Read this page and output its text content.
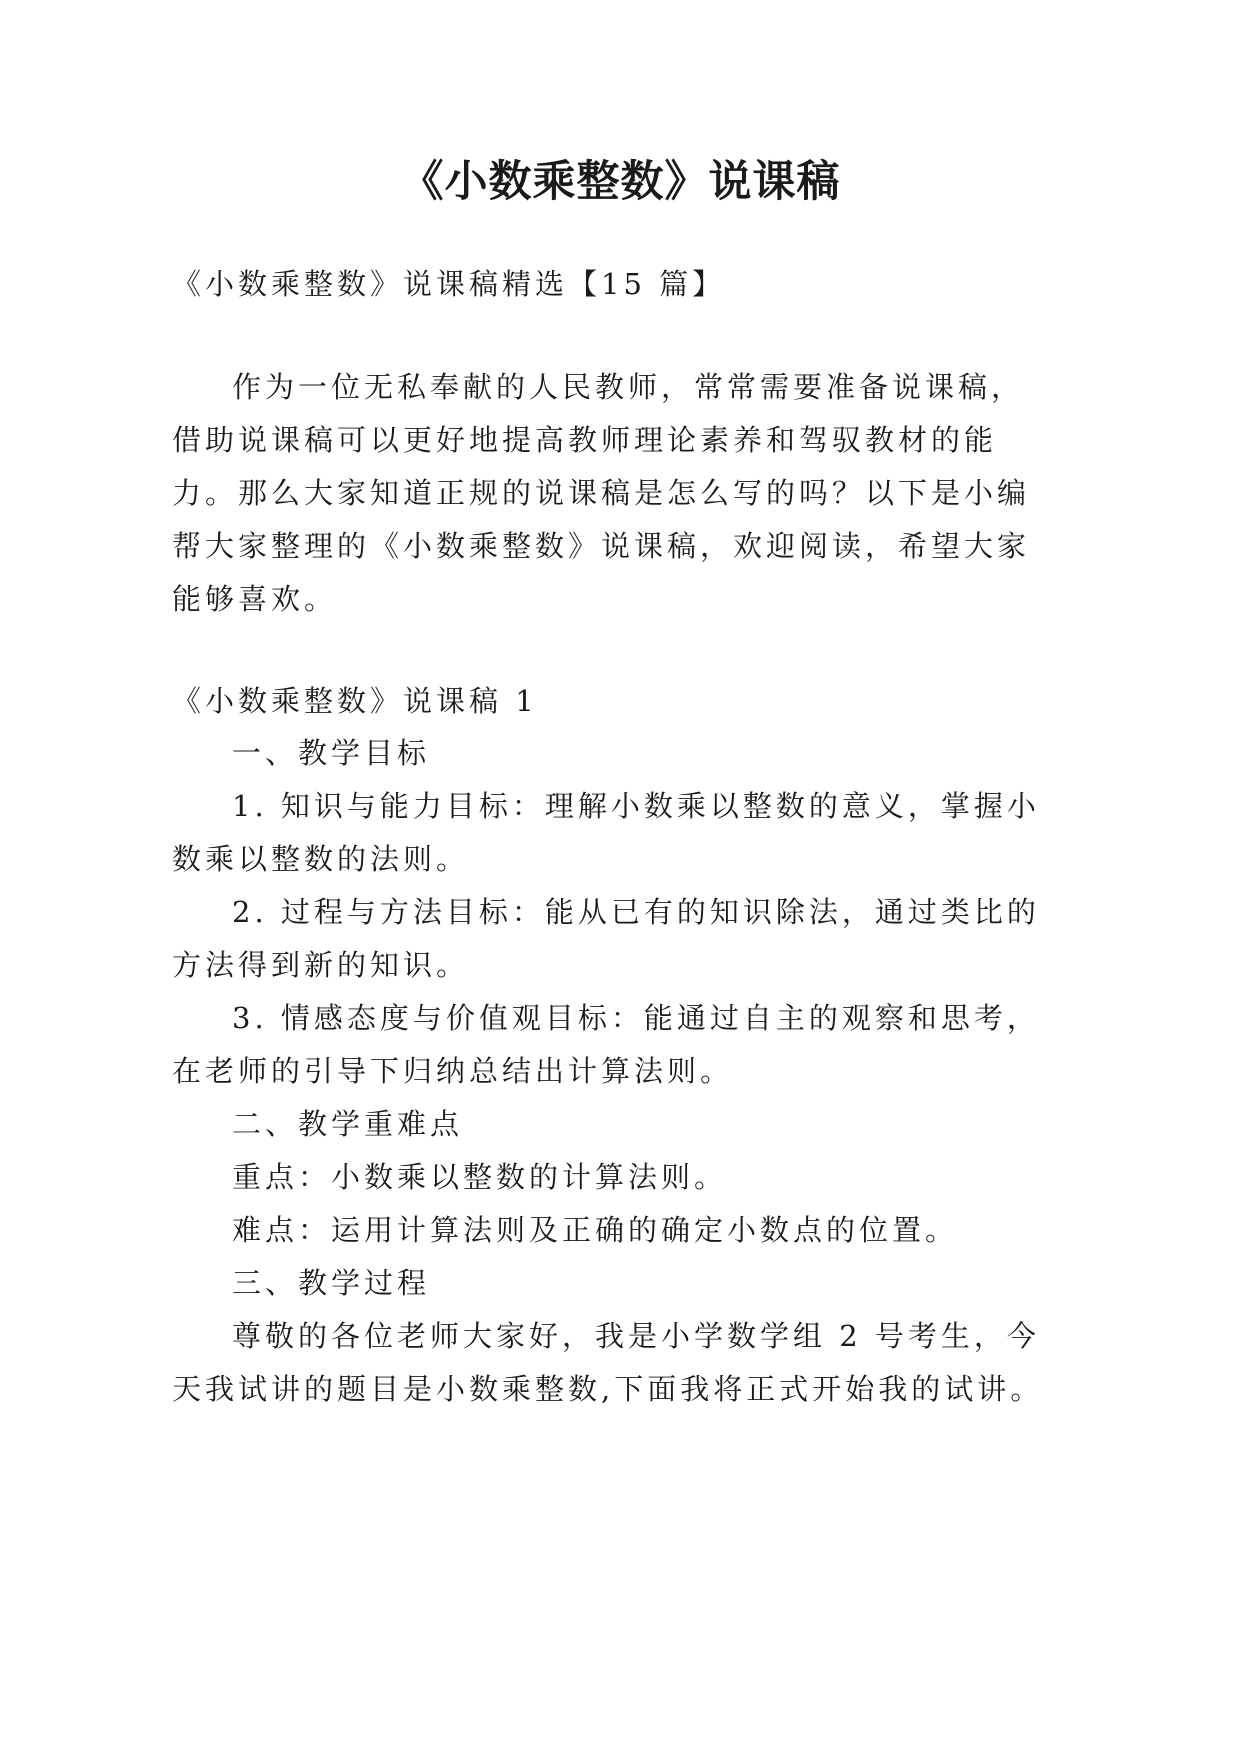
《小数乘整数》说课稿
《小数乘整数》说课稿精选【15 篇】
作为一位无私奉献的人民教师，常常需要准备说课稿，
借助说课稿可以更好地提高教师理论素养和驾驭教材的能
力。那么大家知道正规的说课稿是怎么写的吗？以下是小编
帮大家整理的《小数乘整数》说课稿，欢迎阅读，希望大家
能够喜欢。
《小数乘整数》说课稿 1
一、教学目标
1. 知识与能力目标：理解小数乘以整数的意义，掌握小
数乘以整数的法则。
2. 过程与方法目标：能从已有的知识除法，通过类比的
方法得到新的知识。
3. 情感态度与价值观目标：能通过自主的观察和思考，
在老师的引导下归纳总结出计算法则。
二、教学重难点
重点：小数乘以整数的计算法则。
难点：运用计算法则及正确的确定小数点的位置。
三、教学过程
尊敬的各位老师大家好，我是小学数学组 2 号考生，今
天我试讲的题目是小数乘整数,下面我将正式开始我的试讲。
